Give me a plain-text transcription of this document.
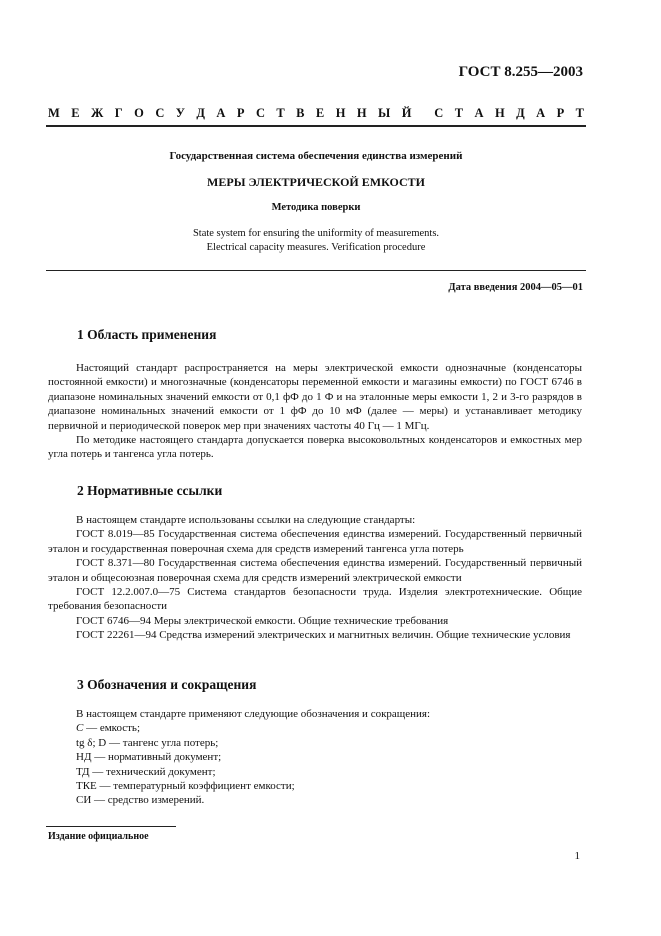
ГОСТ 8.255—2003
М Е Ж Г О С У Д А Р С Т В Е Н Н Ы Й С Т А Н Д А Р Т
Государственная система обеспечения единства измерений
МЕРЫ ЭЛЕКТРИЧЕСКОЙ ЕМКОСТИ
Методика поверки
State system for ensuring the uniformity of measurements.
Electrical capacity measures. Verification procedure
Дата введения 2004—05—01
1 Область применения

Настоящий стандарт распространяется на меры электрической емкости однозначные (конденсаторы постоянной емкости) и многозначные (конденсаторы переменной емкости и магазины емкости) по ГОСТ 6746 в диапазоне номинальных значений емкости от 0,1 фФ до 1 Ф и на эталонные меры емкости 1, 2 и 3-го разрядов в диапазоне номинальных значений емкости от 1 фФ до 10 мФ (далее — меры) и устанавливает методику первичной и периодической поверок мер при значениях частоты 40 Гц — 1 МГц.

По методике настоящего стандарта допускается поверка высоковольтных конденсаторов и емкостных мер угла потерь и тангенса угла потерь.

2 Нормативные ссылки

В настоящем стандарте использованы ссылки на следующие стандарты:

ГОСТ 8.019—85 Государственная система обеспечения единства измерений. Государственный первичный эталон и государственная поверочная схема для средств измерений тангенса угла потерь

ГОСТ 8.371—80 Государственная система обеспечения единства измерений. Государственный первичный эталон и общесоюзная поверочная схема для средств измерений электрической емкости

ГОСТ 12.2.007.0—75 Система стандартов безопасности труда. Изделия электротехнические. Общие требования безопасности

ГОСТ 6746—94 Меры электрической емкости. Общие технические требования

ГОСТ 22261—94 Средства измерений электрических и магнитных величин. Общие технические условия

3 Обозначения и сокращения

В настоящем стандарте применяют следующие обозначения и сокращения:

C — емкость;

tg δ; D — тангенс угла потерь;

НД — нормативный документ;

ТД — технический документ;

ТКЕ — температурный коэффициент емкости;

СИ — средство измерений.

Издание официальное
1
